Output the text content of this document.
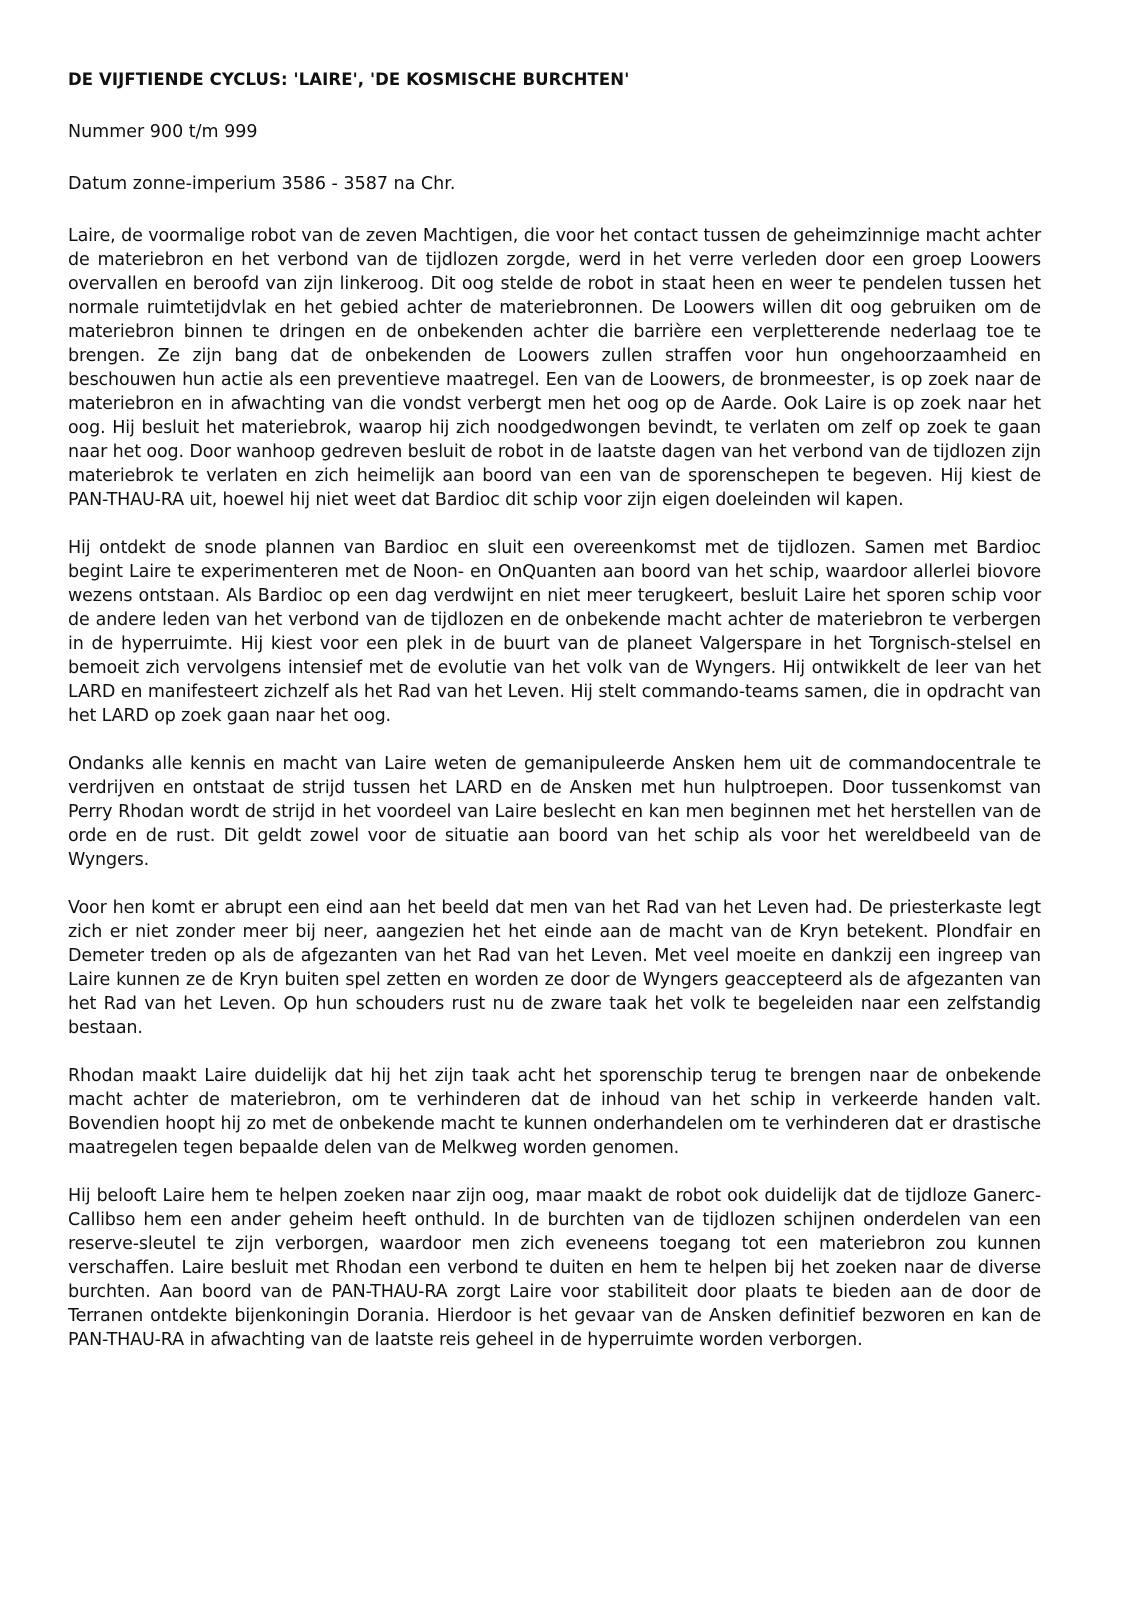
DE VIJFTIENDE CYCLUS: 'LAIRE', 'DE KOSMISCHE BURCHTEN'
Nummer 900 t/m 999
Datum zonne-imperium 3586 - 3587 na Chr.

Laire, de voormalige robot van de zeven Machtigen, die voor het contact tussen de geheimzinnige macht achter de materiebron en het verbond van de tijdlozen zorgde, werd in het verre verleden door een groep Loowers overvallen en beroofd van zijn linkeroog. Dit oog stelde de robot in staat heen en weer te pendelen tussen het normale ruimtetijdvlak en het gebied achter de materiebronnen. De Loowers willen dit oog gebruiken om de materiebron binnen te dringen en de onbekenden achter die barrière een verpletterende nederlaag toe te brengen. Ze zijn bang dat de onbekenden de Loowers zullen straffen voor hun ongehoorzaamheid en beschouwen hun actie als een preventieve maatregel. Een van de Loowers, de bronmeester, is op zoek naar de materiebron en in afwachting van die vondst verbergt men het oog op de Aarde. Ook Laire is op zoek naar het oog. Hij besluit het materiebrok, waarop hij zich noodgedwongen bevindt, te verlaten om zelf op zoek te gaan naar het oog. Door wanhoop gedreven besluit de robot in de laatste dagen van het verbond van de tijdlozen zijn materiebrok te verlaten en zich heimelijk aan boord van een van de sporenschepen te begeven. Hij kiest de PAN-THAU-RA uit, hoewel hij niet weet dat Bardioc dit schip voor zijn eigen doeleinden wil kapen.

Hij ontdekt de snode plannen van Bardioc en sluit een overeenkomst met de tijdlozen. Samen met Bardioc begint Laire te experimenteren met de Noon- en OnQuanten aan boord van het schip, waardoor allerlei biovore wezens ontstaan. Als Bardioc op een dag verdwijnt en niet meer terugkeert, besluit Laire het sporen schip voor de andere leden van het verbond van de tijdlozen en de onbekende macht achter de materiebron te verbergen in de hyperruimte. Hij kiest voor een plek in de buurt van de planeet Valgerspare in het Torgnisch-stelsel en bemoeit zich vervolgens intensief met de evolutie van het volk van de Wyngers. Hij ontwikkelt de leer van het LARD en manifesteert zichzelf als het Rad van het Leven. Hij stelt commando-teams samen, die in opdracht van het LARD op zoek gaan naar het oog.

Ondanks alle kennis en macht van Laire weten de gemanipuleerde Ansken hem uit de commandocentrale te verdrijven en ontstaat de strijd tussen het LARD en de Ansken met hun hulptroepen. Door tussenkomst van Perry Rhodan wordt de strijd in het voordeel van Laire beslecht en kan men beginnen met het herstellen van de orde en de rust. Dit geldt zowel voor de situatie aan boord van het schip als voor het wereldbeeld van de Wyngers.

Voor hen komt er abrupt een eind aan het beeld dat men van het Rad van het Leven had. De priesterkaste legt zich er niet zonder meer bij neer, aangezien het het einde aan de macht van de Kryn betekent. Plondfair en Demeter treden op als de afgezanten van het Rad van het Leven. Met veel moeite en dankzij een ingreep van Laire kunnen ze de Kryn buiten spel zetten en worden ze door de Wyngers geaccepteerd als de afgezanten van het Rad van het Leven. Op hun schouders rust nu de zware taak het volk te begeleiden naar een zelfstandig bestaan.

Rhodan maakt Laire duidelijk dat hij het zijn taak acht het sporenschip terug te brengen naar de onbekende macht achter de materiebron, om te verhinderen dat de inhoud van het schip in verkeerde handen valt. Bovendien hoopt hij zo met de onbekende macht te kunnen onderhandelen om te verhinderen dat er drastische maatregelen tegen bepaalde delen van de Melkweg worden genomen.

Hij belooft Laire hem te helpen zoeken naar zijn oog, maar maakt de robot ook duidelijk dat de tijdloze Ganerc-Callibso hem een ander geheim heeft onthuld. In de burchten van de tijdlozen schijnen onderdelen van een reserve-sleutel te zijn verborgen, waardoor men zich eveneens toegang tot een materiebron zou kunnen verschaffen. Laire besluit met Rhodan een verbond te duiten en hem te helpen bij het zoeken naar de diverse burchten. Aan boord van de PAN-THAU-RA zorgt Laire voor stabiliteit door plaats te bieden aan de door de Terranen ontdekte bijenkoningin Dorania. Hierdoor is het gevaar van de Ansken definitief bezworen en kan de PAN-THAU-RA in afwachting van de laatste reis geheel in de hyperruimte worden verborgen.
